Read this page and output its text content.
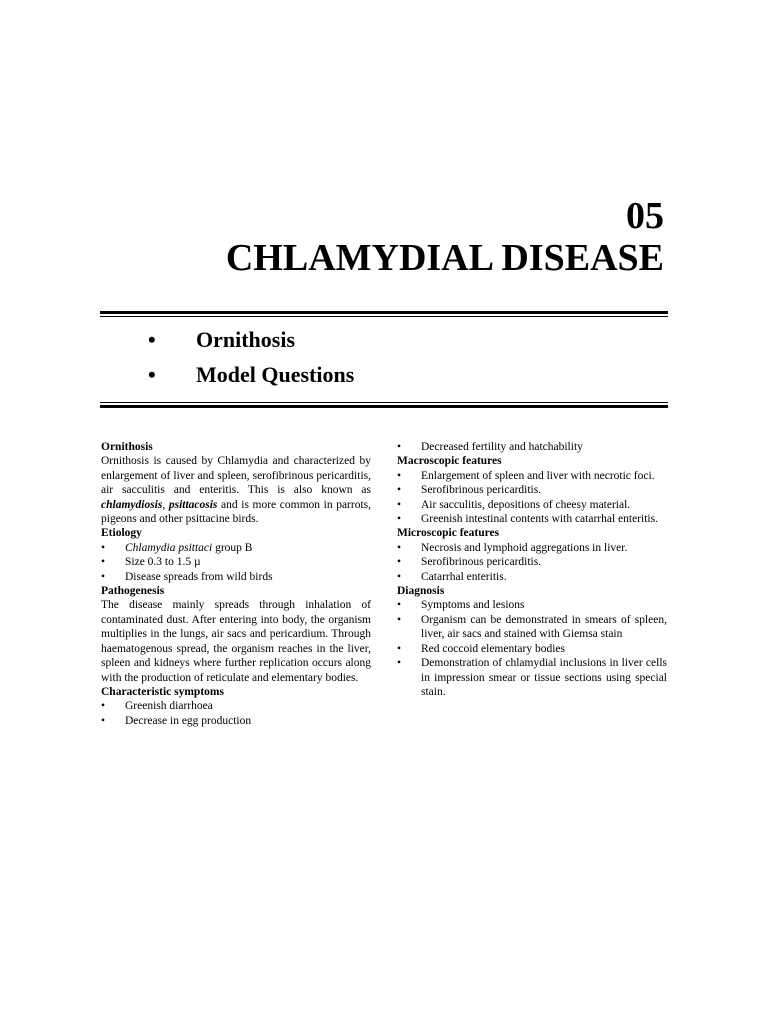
05
CHLAMYDIAL DISEASE
•	Ornithosis
•	Model Questions
Ornithosis
Ornithosis is caused by Chlamydia and characterized by enlargement of liver and spleen, serofibrinous pericarditis, air sacculitis and enteritis. This is also known as chlamydiosis, psittacosis and is more common in parrots, pigeons and other psittacine birds.
Etiology
•	Chlamydia psittaci group B
•	Size 0.3 to 1.5 µ
•	Disease spreads from wild birds
Pathogenesis
The disease mainly spreads through inhalation of contaminated dust. After entering into body, the organism multiplies in the lungs, air sacs and pericardium. Through haematogenous spread, the organism reaches in the liver, spleen and kidneys where further replication occurs along with the production of reticulate and elementary bodies.
Characteristic symptoms
•	Greenish diarrhoea
•	Decrease in egg production
•	Decreased fertility and hatchability
Macroscopic features
•	Enlargement of spleen and liver with necrotic foci.
•	Serofibrinous pericarditis.
•	Air sacculitis, depositions of cheesy material.
•	Greenish intestinal contents with catarrhal enteritis.
Microscopic features
•	Necrosis and lymphoid aggregations in liver.
•	Serofibrinous pericarditis.
•	Catarrhal enteritis.
Diagnosis
•	Symptoms and lesions
•	Organism can be demonstrated in smears of spleen, liver, air sacs and stained with Giemsa stain
•	Red coccoid elementary bodies
•	Demonstration of chlamydial inclusions in liver cells in impression smear or tissue sections using special stain.
